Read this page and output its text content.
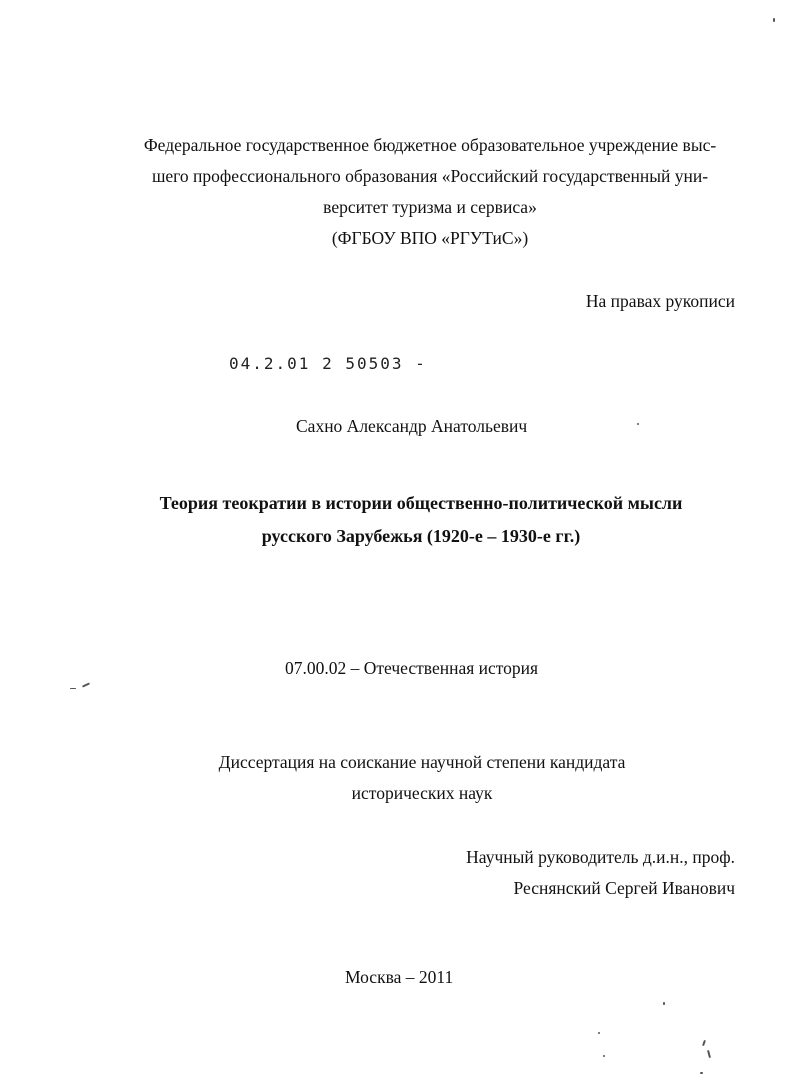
Федеральное государственное бюджетное образовательное учреждение выс-
шего профессионального образования «Российский государственный уни-
верситет туризма и сервиса»
(ФГБОУ ВПО «РГУТиС»)
На правах рукописи
04.2.01 2 50503 -
Сахно Александр Анатольевич
Теория теократии в истории общественно-политической мысли
русского Зарубежья (1920-е – 1930-е гг.)
07.00.02 – Отечественная история
Диссертация на соискание научной степени кандидата
исторических наук
Научный руководитель д.и.н., проф.
Реснянский Сергей Иванович
Москва – 2011
